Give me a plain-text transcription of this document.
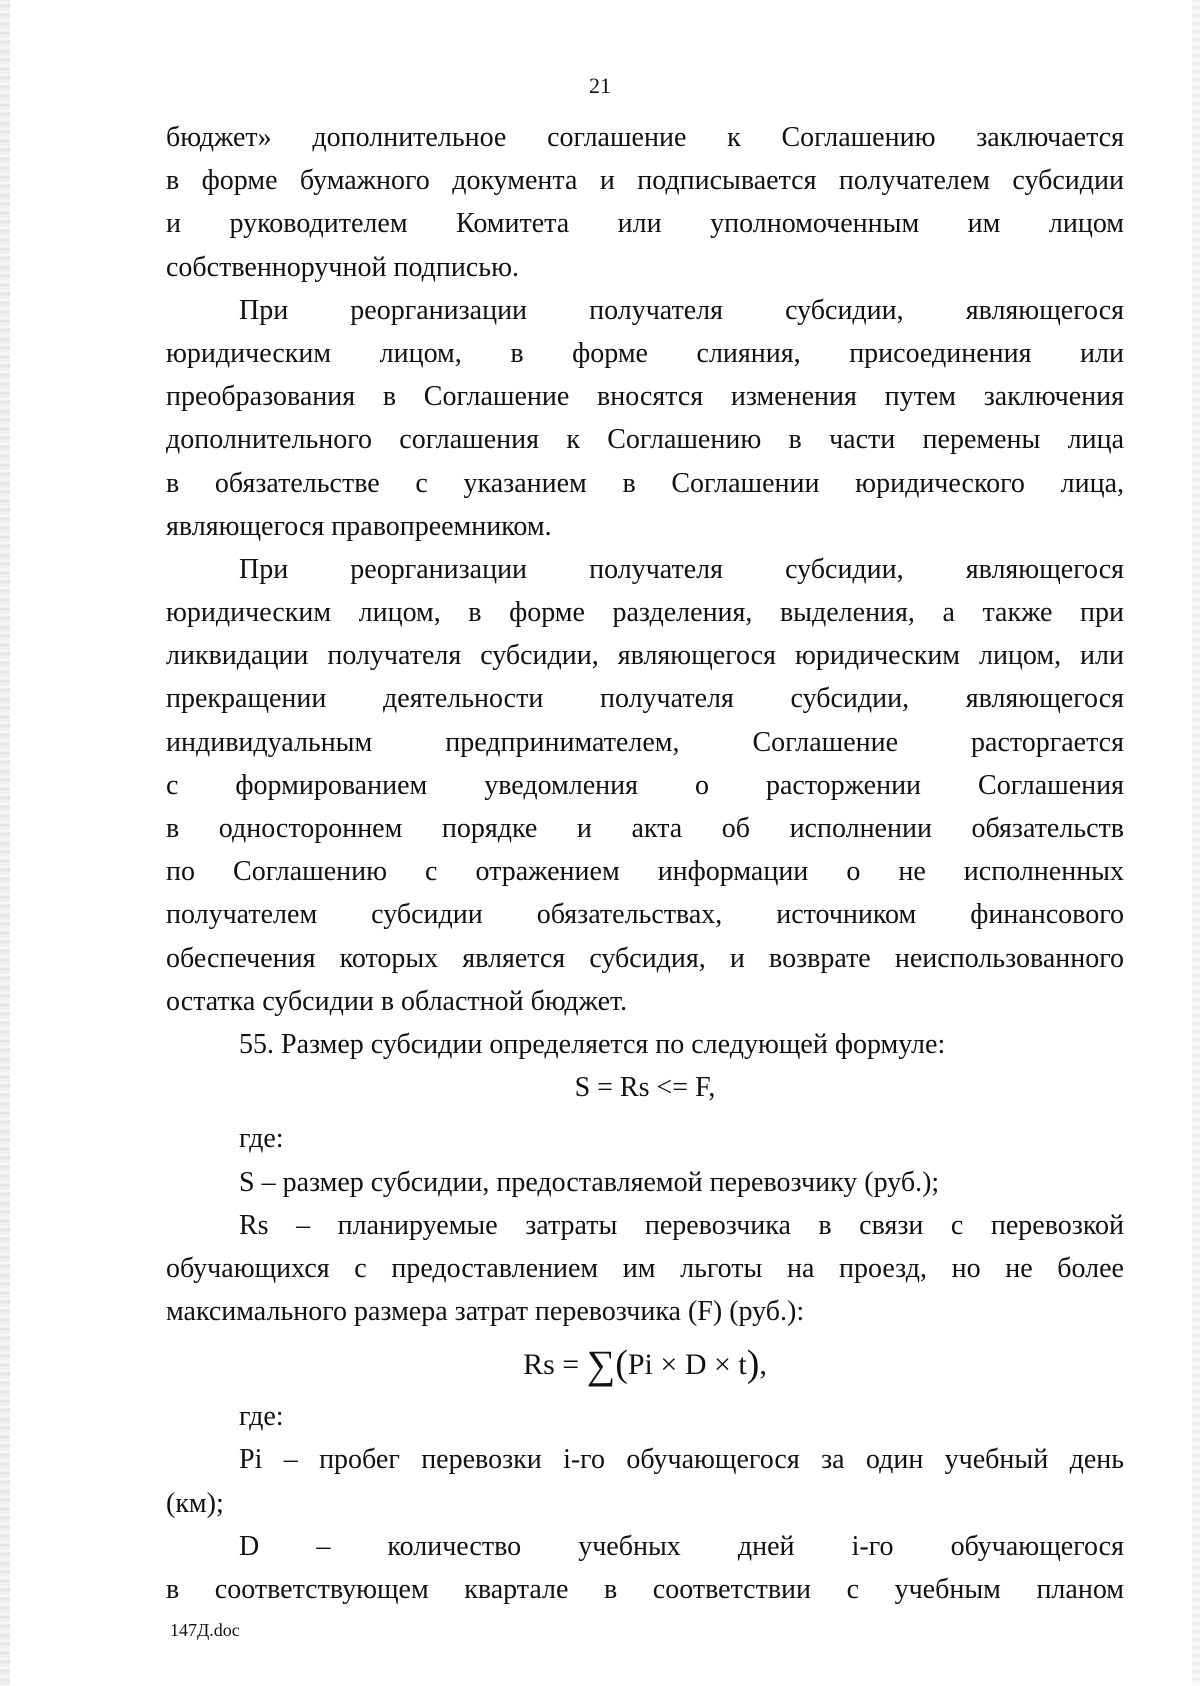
21
бюджет» дополнительное соглашение к Соглашению заключается
в форме бумажного документа и подписывается получателем субсидии
и руководителем Комитета или уполномоченным им лицом
собственноручной подписью.
При реорганизации получателя субсидии, являющегося
юридическим лицом, в форме слияния, присоединения или
преобразования в Соглашение вносятся изменения путем заключения
дополнительного соглашения к Соглашению в части перемены лица
в обязательстве с указанием в Соглашении юридического лица,
являющегося правопреемником.
При реорганизации получателя субсидии, являющегося
юридическим лицом, в форме разделения, выделения, а также при
ликвидации получателя субсидии, являющегося юридическим лицом, или
прекращении деятельности получателя субсидии, являющегося
индивидуальным предпринимателем, Соглашение расторгается
с формированием уведомления о расторжении Соглашения
в одностороннем порядке и акта об исполнении обязательств
по Соглашению с отражением информации о не исполненных
получателем субсидии обязательствах, источником финансового
обеспечения которых является субсидия, и возврате неиспользованного
остатка субсидии в областной бюджет.
55. Размер субсидии определяется по следующей формуле:
S = Rs <= F,
где:
S – размер субсидии, предоставляемой перевозчику (руб.);
Rs – планируемые затраты перевозчика в связи с перевозкой
обучающихся с предоставлением им льготы на проезд, но не более
максимального размера затрат перевозчика (F) (руб.):
Rs = ∑(Pi × D × t),
где:
Pi – пробег перевозки i-го обучающегося за один учебный день
(км);
D – количество учебных дней i-го обучающегося
в соответствующем квартале в соответствии с учебным планом
147Д.doc
